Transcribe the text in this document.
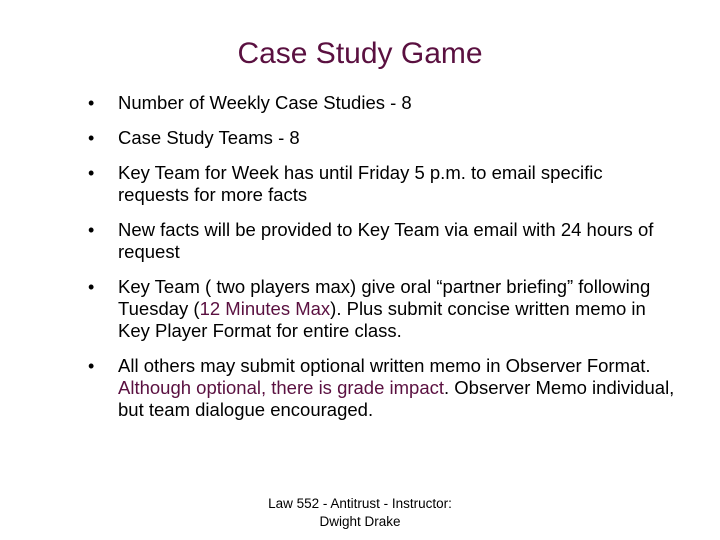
Case Study Game
• Number of Weekly Case Studies - 8
• Case Study Teams - 8
• Key Team for Week has until Friday 5 p.m. to email specific requests for more facts
• New facts will be provided to Key Team via email with 24 hours of request
• Key Team ( two players max) give oral “partner briefing” following Tuesday (12 Minutes Max). Plus submit concise written memo in Key Player Format for entire class.
• All others may submit optional written memo in Observer Format. Although optional, there is grade impact. Observer Memo individual, but team dialogue encouraged.
Law 552 - Antitrust - Instructor:
Dwight Drake
